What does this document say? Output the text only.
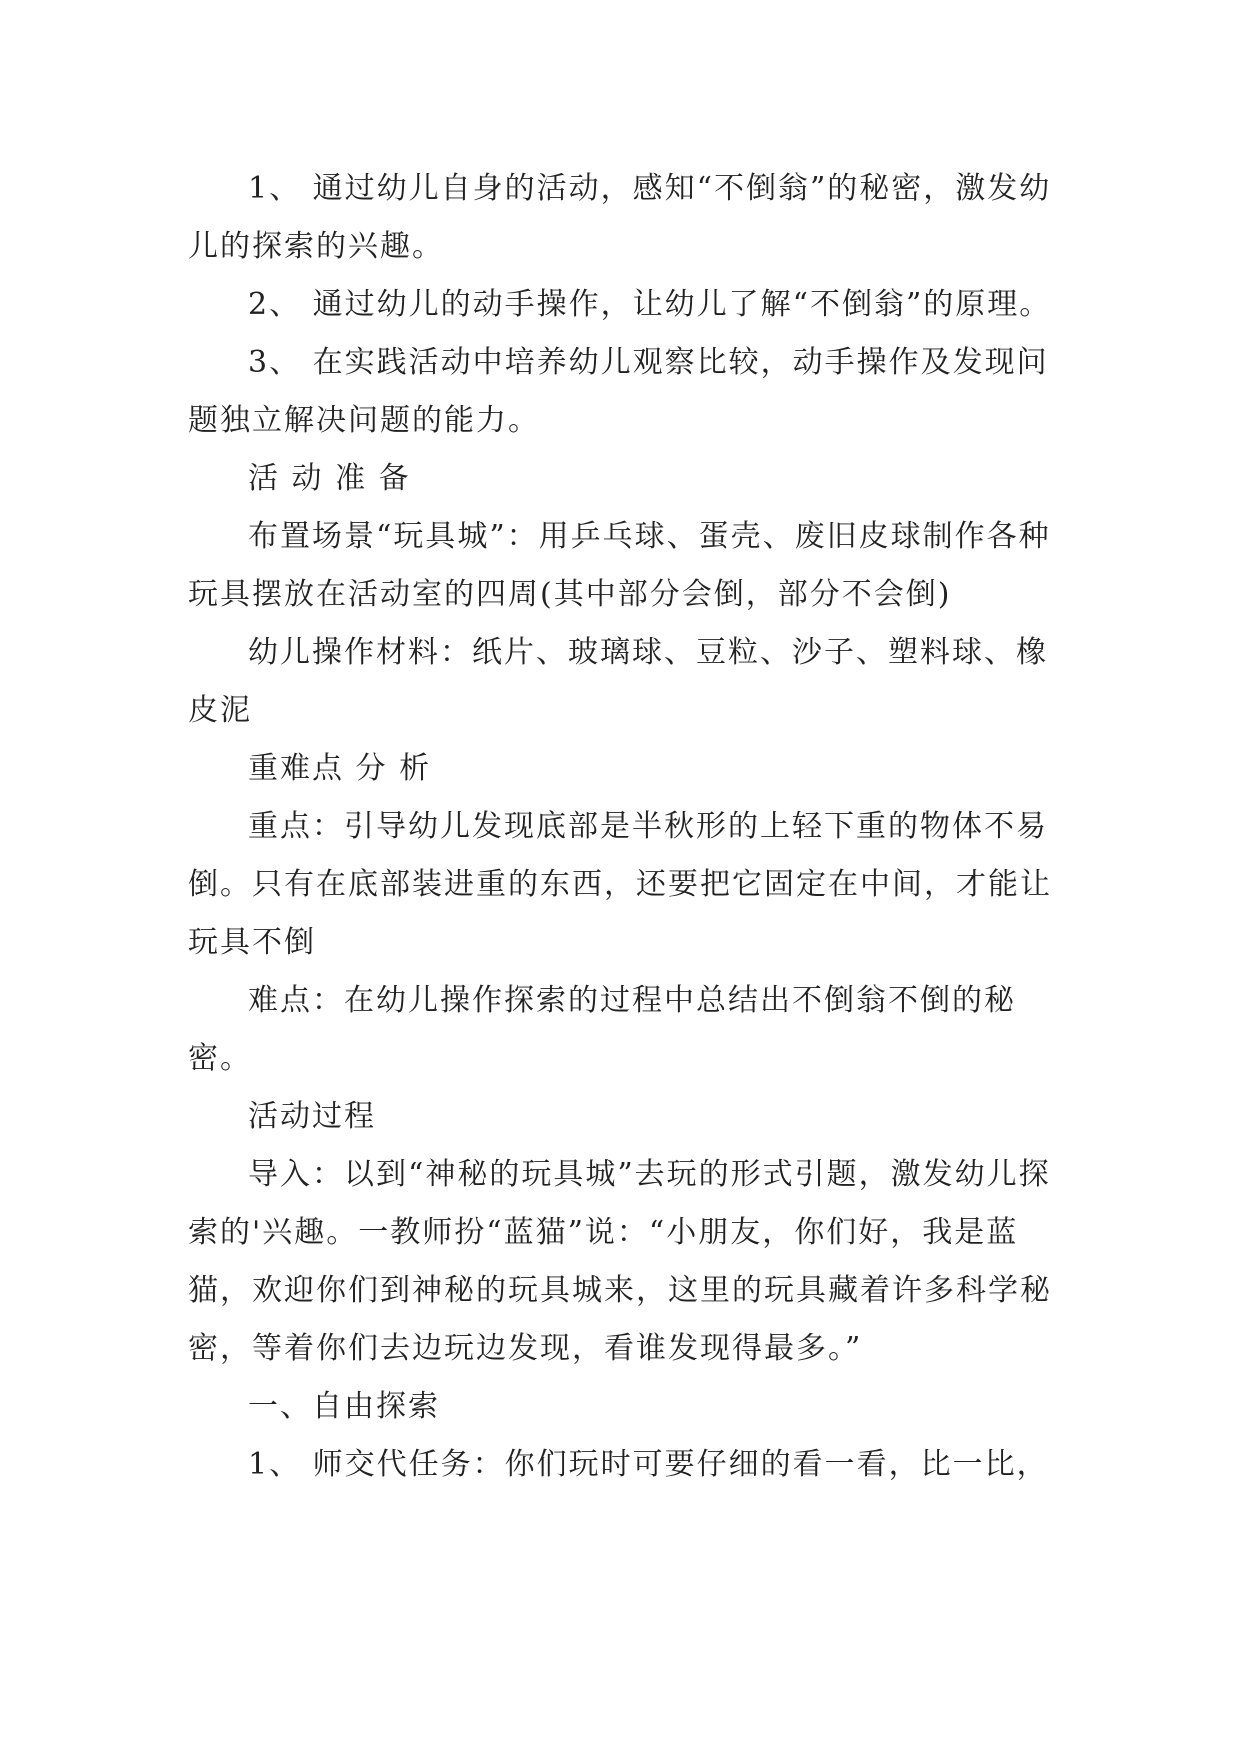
1、 通过幼儿自身的活动，感知“不倒翁”的秘密，激发幼儿的探索的兴趣。

2、 通过幼儿的动手操作，让幼儿了解“不倒翁”的原理。

3、 在实践活动中培养幼儿观察比较，动手操作及发现问题独立解决问题的能力。

活 动 准 备

布置场景“玩具城”：用乒乓球、蛋壳、废旧皮球制作各种玩具摆放在活动室的四周(其中部分会倒，部分不会倒)

幼儿操作材料：纸片、玻璃球、豆粒、沙子、塑料球、橡皮泥

重难点 分 析

重点：引导幼儿发现底部是半秋形的上轻下重的物体不易倒。只有在底部装进重的东西，还要把它固定在中间，才能让玩具不倒

难点：在幼儿操作探索的过程中总结出不倒翁不倒的秘密。

活动过程

导入：以到“神秘的玩具城”去玩的形式引题，激发幼儿探索的'兴趣。一教师扮“蓝猫”说：“小朋友，你们好，我是蓝猫，欢迎你们到神秘的玩具城来，这里的玩具藏着许多科学秘密，等着你们去边玩边发现，看谁发现得最多。”

一、自由探索

1、 师交代任务：你们玩时可要仔细的看一看，比一比，
